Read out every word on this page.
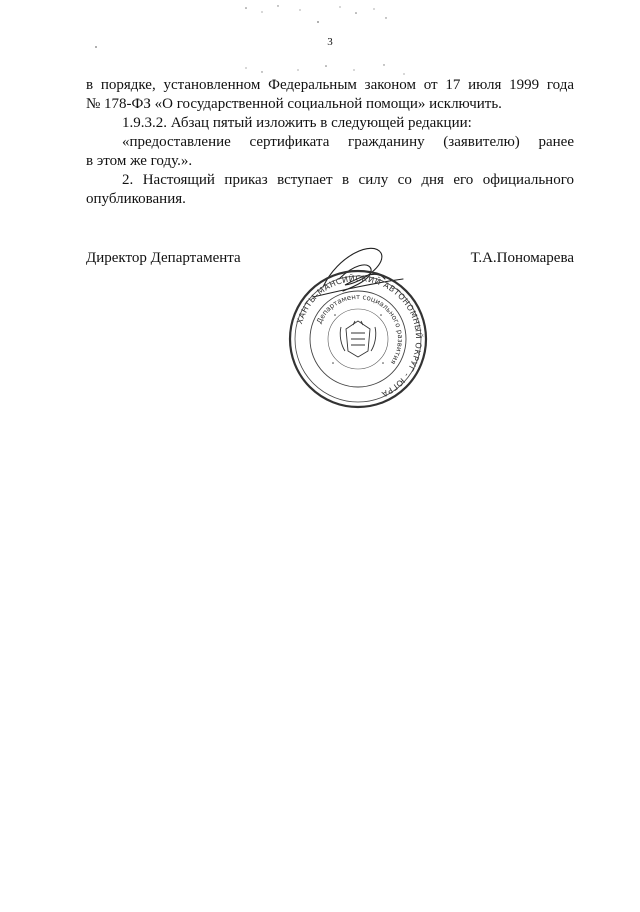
3

в порядке, установленном Федеральным законом от 17 июля 1999 года

№ 178-ФЗ «О государственной социальной помощи» исключить.

1.9.3.2. Абзац пятый изложить в следующей редакции:

«предоставление сертификата гражданину (заявителю) ранее

в этом же году.».

2. Настоящий приказ вступает в силу со дня его официального

опубликования.

Директор Департамента	Т.А.Пономарева
ХАНТЫ-МАНСИЙСКИЙ АВТОНОМНЫЙ ОКРУГ - ЮГРА
Департамент социального развития
